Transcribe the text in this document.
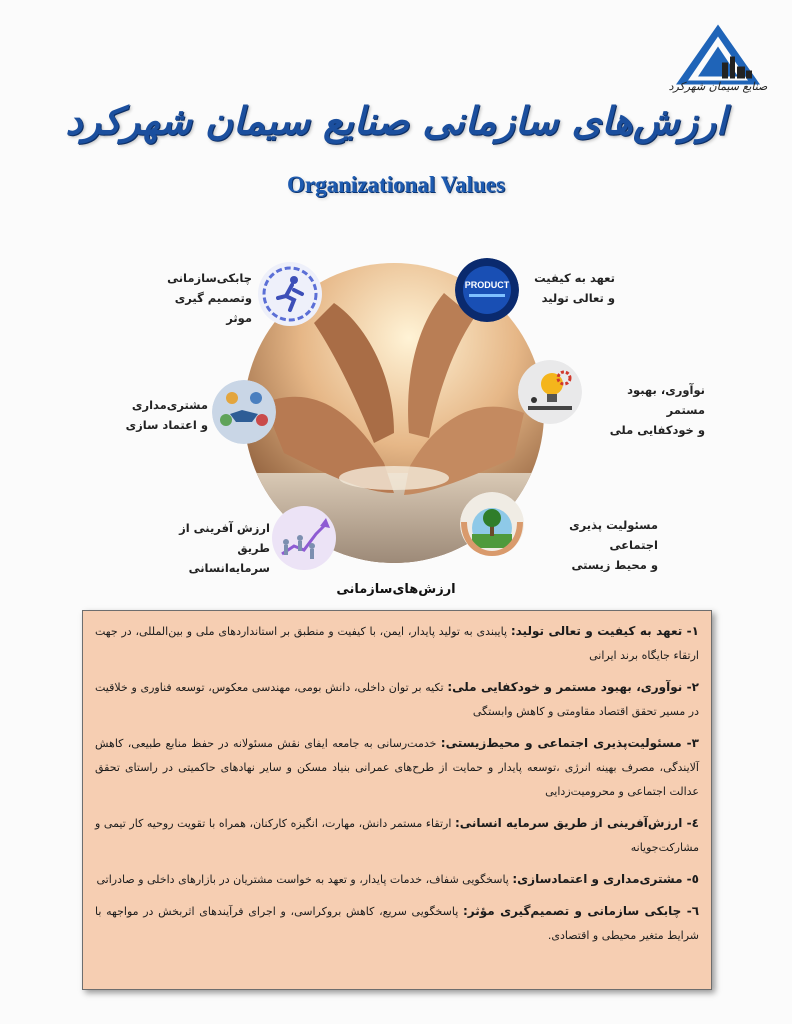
صنایع سیمان شهرکرد
ارزش‌های سازمانی صنایع سیمان شهرکرد
Organizational Values
چابکی‌سازمانی
وتصمیم گیری موثر
PRODUCT	تعهد به کیفیت
و تعالی تولید
مشتری‌مداری
و اعتماد سازی
نوآوری، بهبود مستمر
و خودکفایی ملی
ارزش آفرینی از طریق
سرمایه‌انسانی
مسئولیت پذیری اجتماعی
و محیط زیستی
ارزش‌های‌سازمانی

۱- تعهد به کیفیت و تعالی تولید: پایبندی به تولید پایدار، ایمن، با کیفیت و منطبق بر استانداردهای ملی و بین‌المللی، در جهت ارتقاء جایگاه برند ایرانی

۲- نوآوری، بهبود مستمر و خودکفایی ملی: تکیه بر توان داخلی، دانش بومی، مهندسی معکوس، توسعه فناوری و خلاقیت در مسیر تحقق اقتصاد مقاومتی و کاهش وابستگی

۳- مسئولیت‌پذیری اجتماعی و محیط‌زیستی: خدمت‌رسانی به جامعه ایفای نقش مسئولانه در حفظ منابع طبیعی، کاهش آلایندگی، مصرف بهینه انرژی ،توسعه پایدار و حمایت از طرح‌های عمرانی بنیاد مسکن و سایر نهادهای حاکمیتی در راستای تحقق عدالت اجتماعی و محرومیت‌زدایی

٤- ارزش‌آفرینی از طریق سرمایه انسانی: ارتقاء مستمر دانش، مهارت، انگیزه کارکنان، همراه با تقویت روحیه کار تیمی و مشارکت‌جویانه

٥- مشتری‌مداری و اعتمادسازی: پاسخگویی شفاف، خدمات پایدار، و تعهد به خواست مشتریان در بازارهای داخلی و صادراتی

٦- چابکی سازمانی و تصمیم‌گیری مؤثر: پاسخگویی سریع، کاهش بروکراسی، و اجرای فرآیندهای اثربخش در مواجهه با شرایط متغیر محیطی و اقتصادی.
